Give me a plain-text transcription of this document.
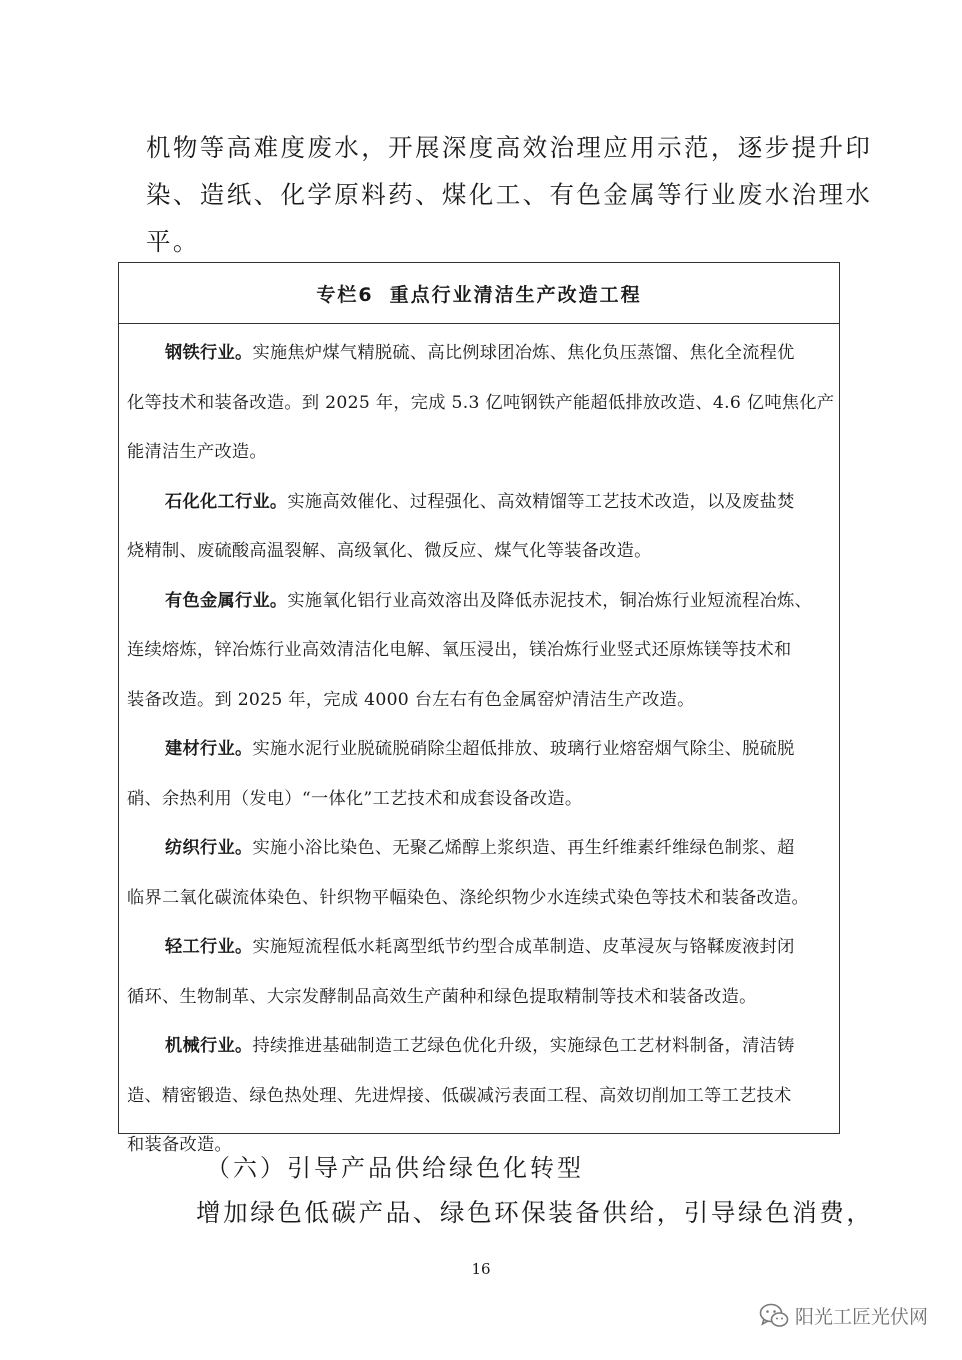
机物等高难度废水，开展深度高效治理应用示范，逐步提升印
染、造纸、化学原料药、煤化工、有色金属等行业废水治理水
平。
专栏6 重点行业清洁生产改造工程
钢铁行业。实施焦炉煤气精脱硫、高比例球团冶炼、焦化负压蒸馏、焦化全流程优
化等技术和装备改造。到 2025 年，完成 5.3 亿吨钢铁产能超低排放改造、4.6 亿吨焦化产
能清洁生产改造。
石化化工行业。实施高效催化、过程强化、高效精馏等工艺技术改造，以及废盐焚
烧精制、废硫酸高温裂解、高级氧化、微反应、煤气化等装备改造。
有色金属行业。实施氧化铝行业高效溶出及降低赤泥技术，铜冶炼行业短流程冶炼、
连续熔炼，锌冶炼行业高效清洁化电解、氧压浸出，镁冶炼行业竖式还原炼镁等技术和
装备改造。到 2025 年，完成 4000 台左右有色金属窑炉清洁生产改造。
建材行业。实施水泥行业脱硫脱硝除尘超低排放、玻璃行业熔窑烟气除尘、脱硫脱
硝、余热利用（发电）“一体化”工艺技术和成套设备改造。
纺织行业。实施小浴比染色、无聚乙烯醇上浆织造、再生纤维素纤维绿色制浆、超
临界二氧化碳流体染色、针织物平幅染色、涤纶织物少水连续式染色等技术和装备改造。
轻工行业。实施短流程低水耗离型纸节约型合成革制造、皮革浸灰与铬鞣废液封闭
循环、生物制革、大宗发酵制品高效生产菌种和绿色提取精制等技术和装备改造。
机械行业。持续推进基础制造工艺绿色优化升级，实施绿色工艺材料制备，清洁铸
造、精密锻造、绿色热处理、先进焊接、低碳减污表面工程、高效切削加工等工艺技术
和装备改造。
（六）引导产品供给绿色化转型
增加绿色低碳产品、绿色环保装备供给，引导绿色消费，
16
阳光工匠光伏网
